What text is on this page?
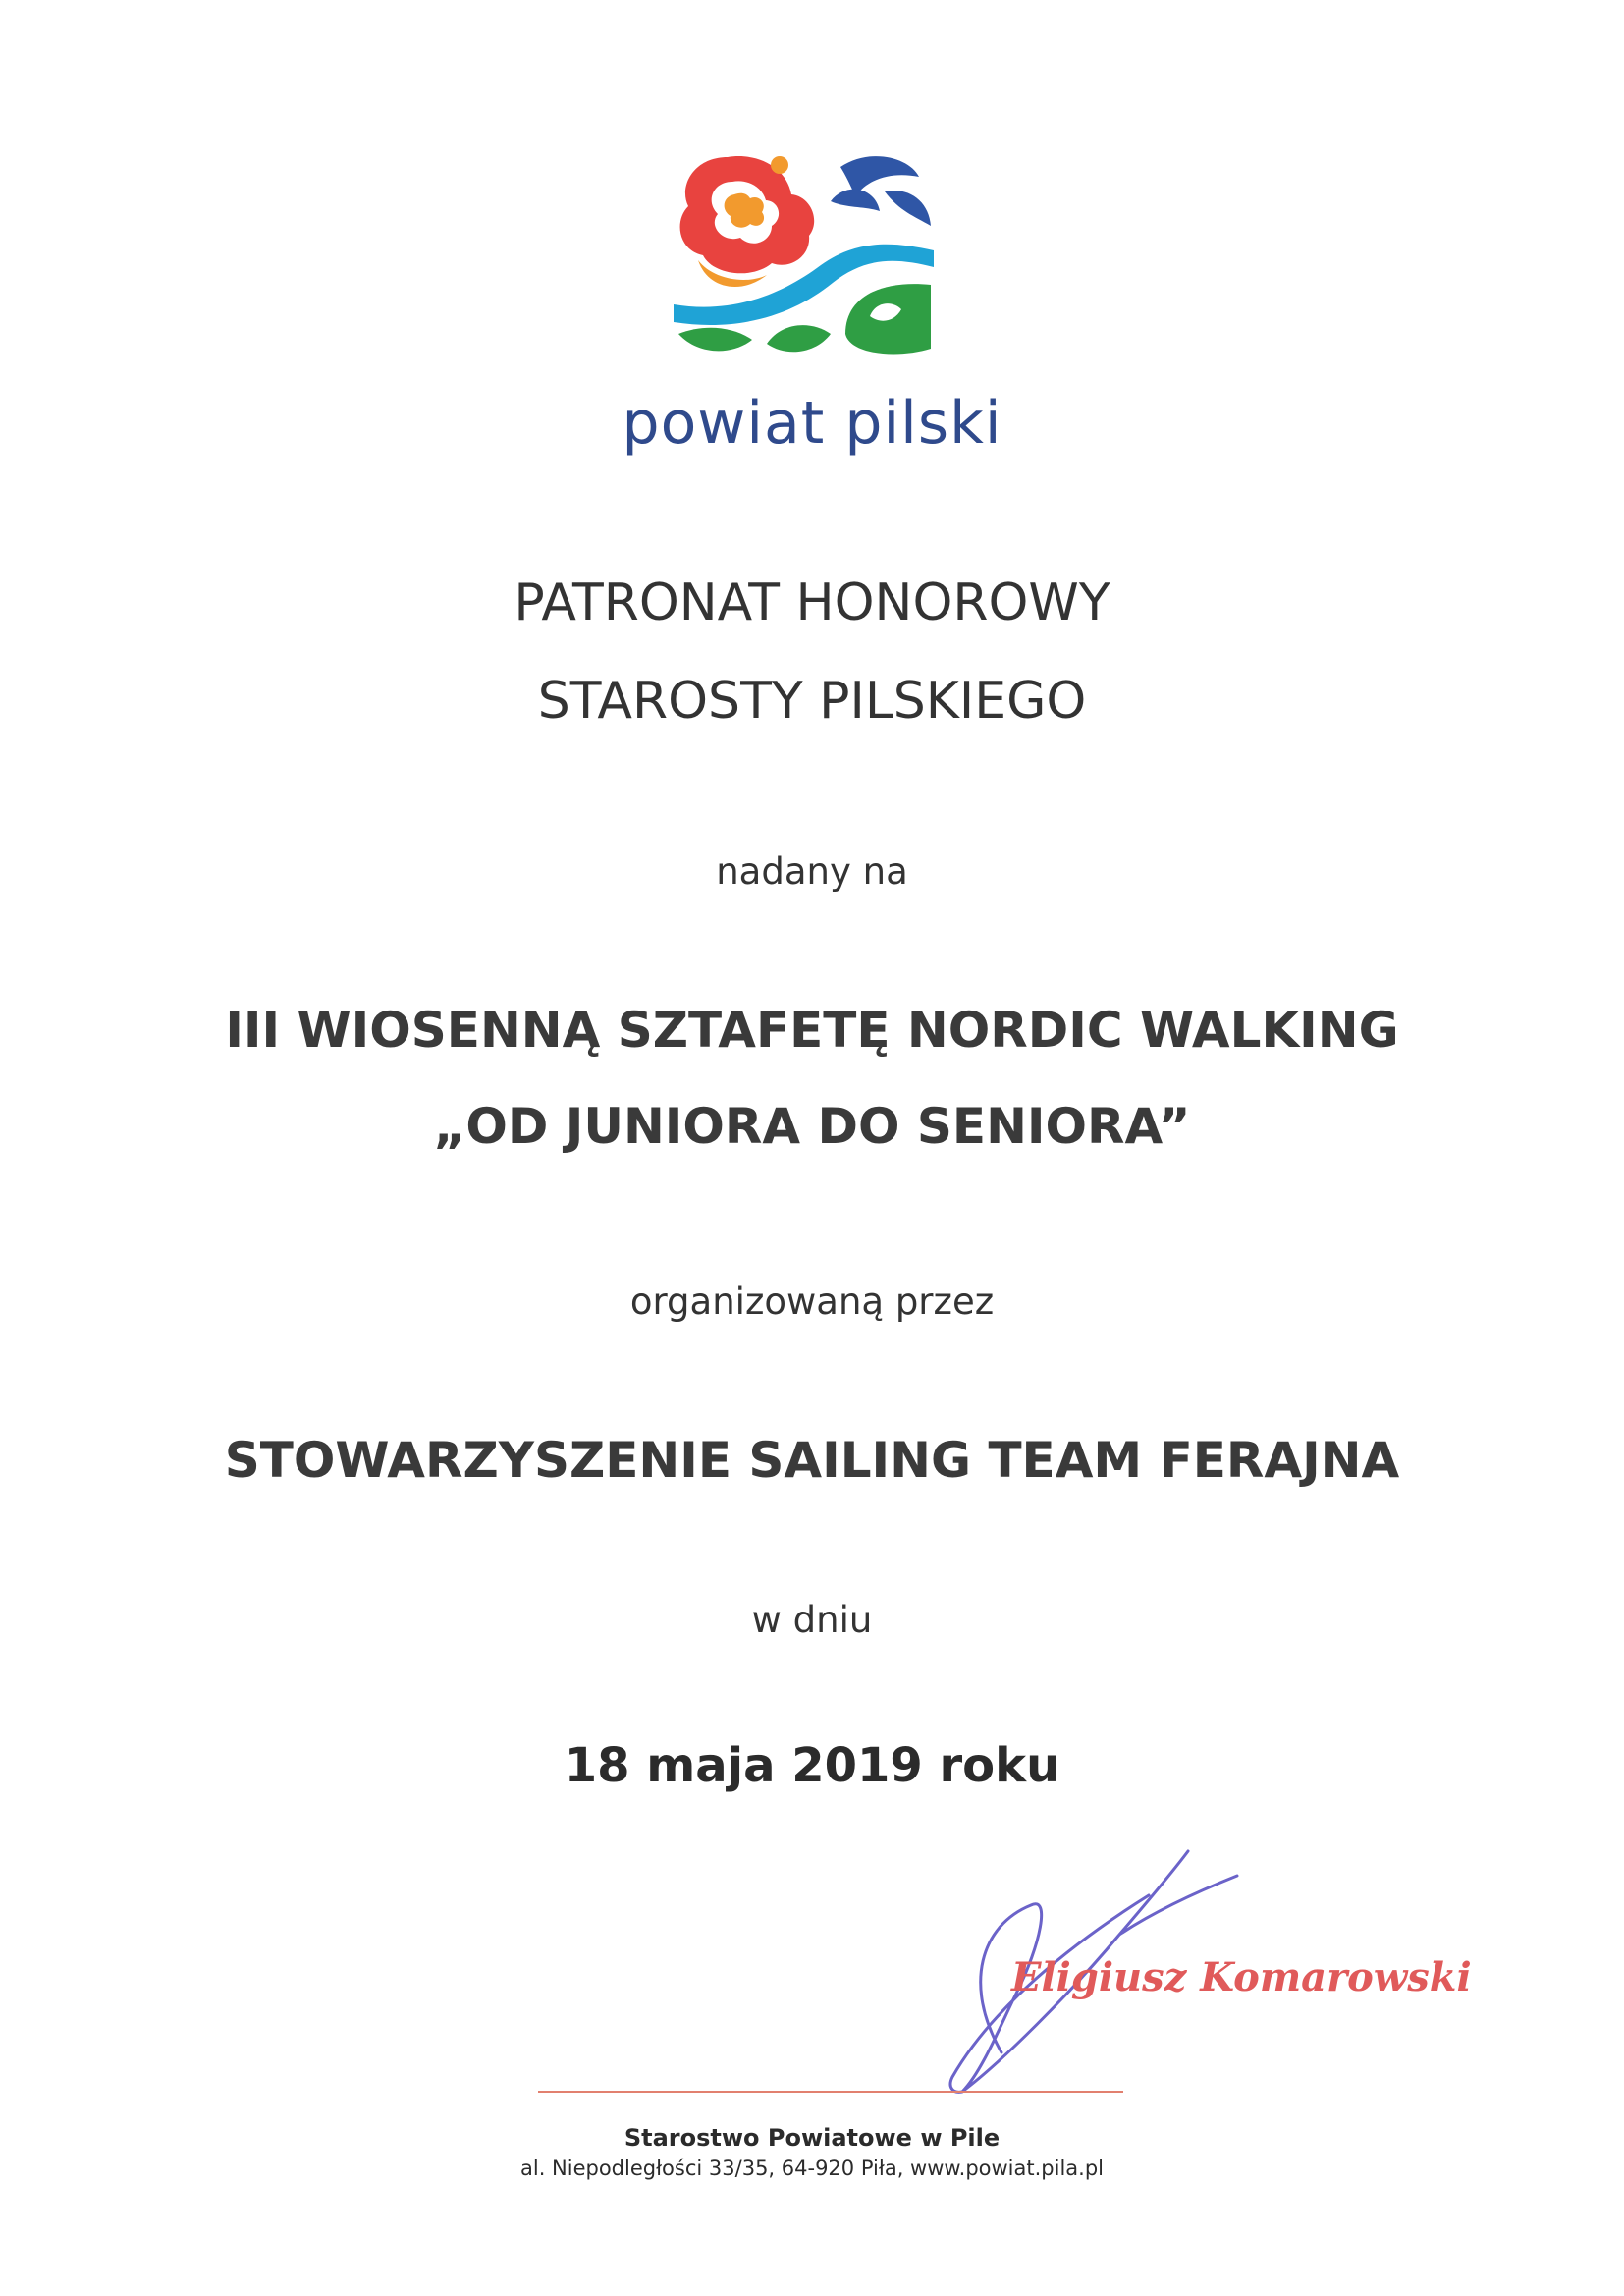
powiat pilski
PATRONAT HONOROWY
STAROSTY PILSKIEGO
nadany na
III WIOSENNĄ SZTAFETĘ NORDIC WALKING
„OD JUNIORA DO SENIORA”
organizowaną przez
STOWARZYSZENIE SAILING TEAM FERAJNA
w dniu
18 maja 2019 roku
Eligiusz Komarowski
Starostwo Powiatowe w Pile
al. Niepodległości 33/35, 64-920 Piła, www.powiat.pila.pl
